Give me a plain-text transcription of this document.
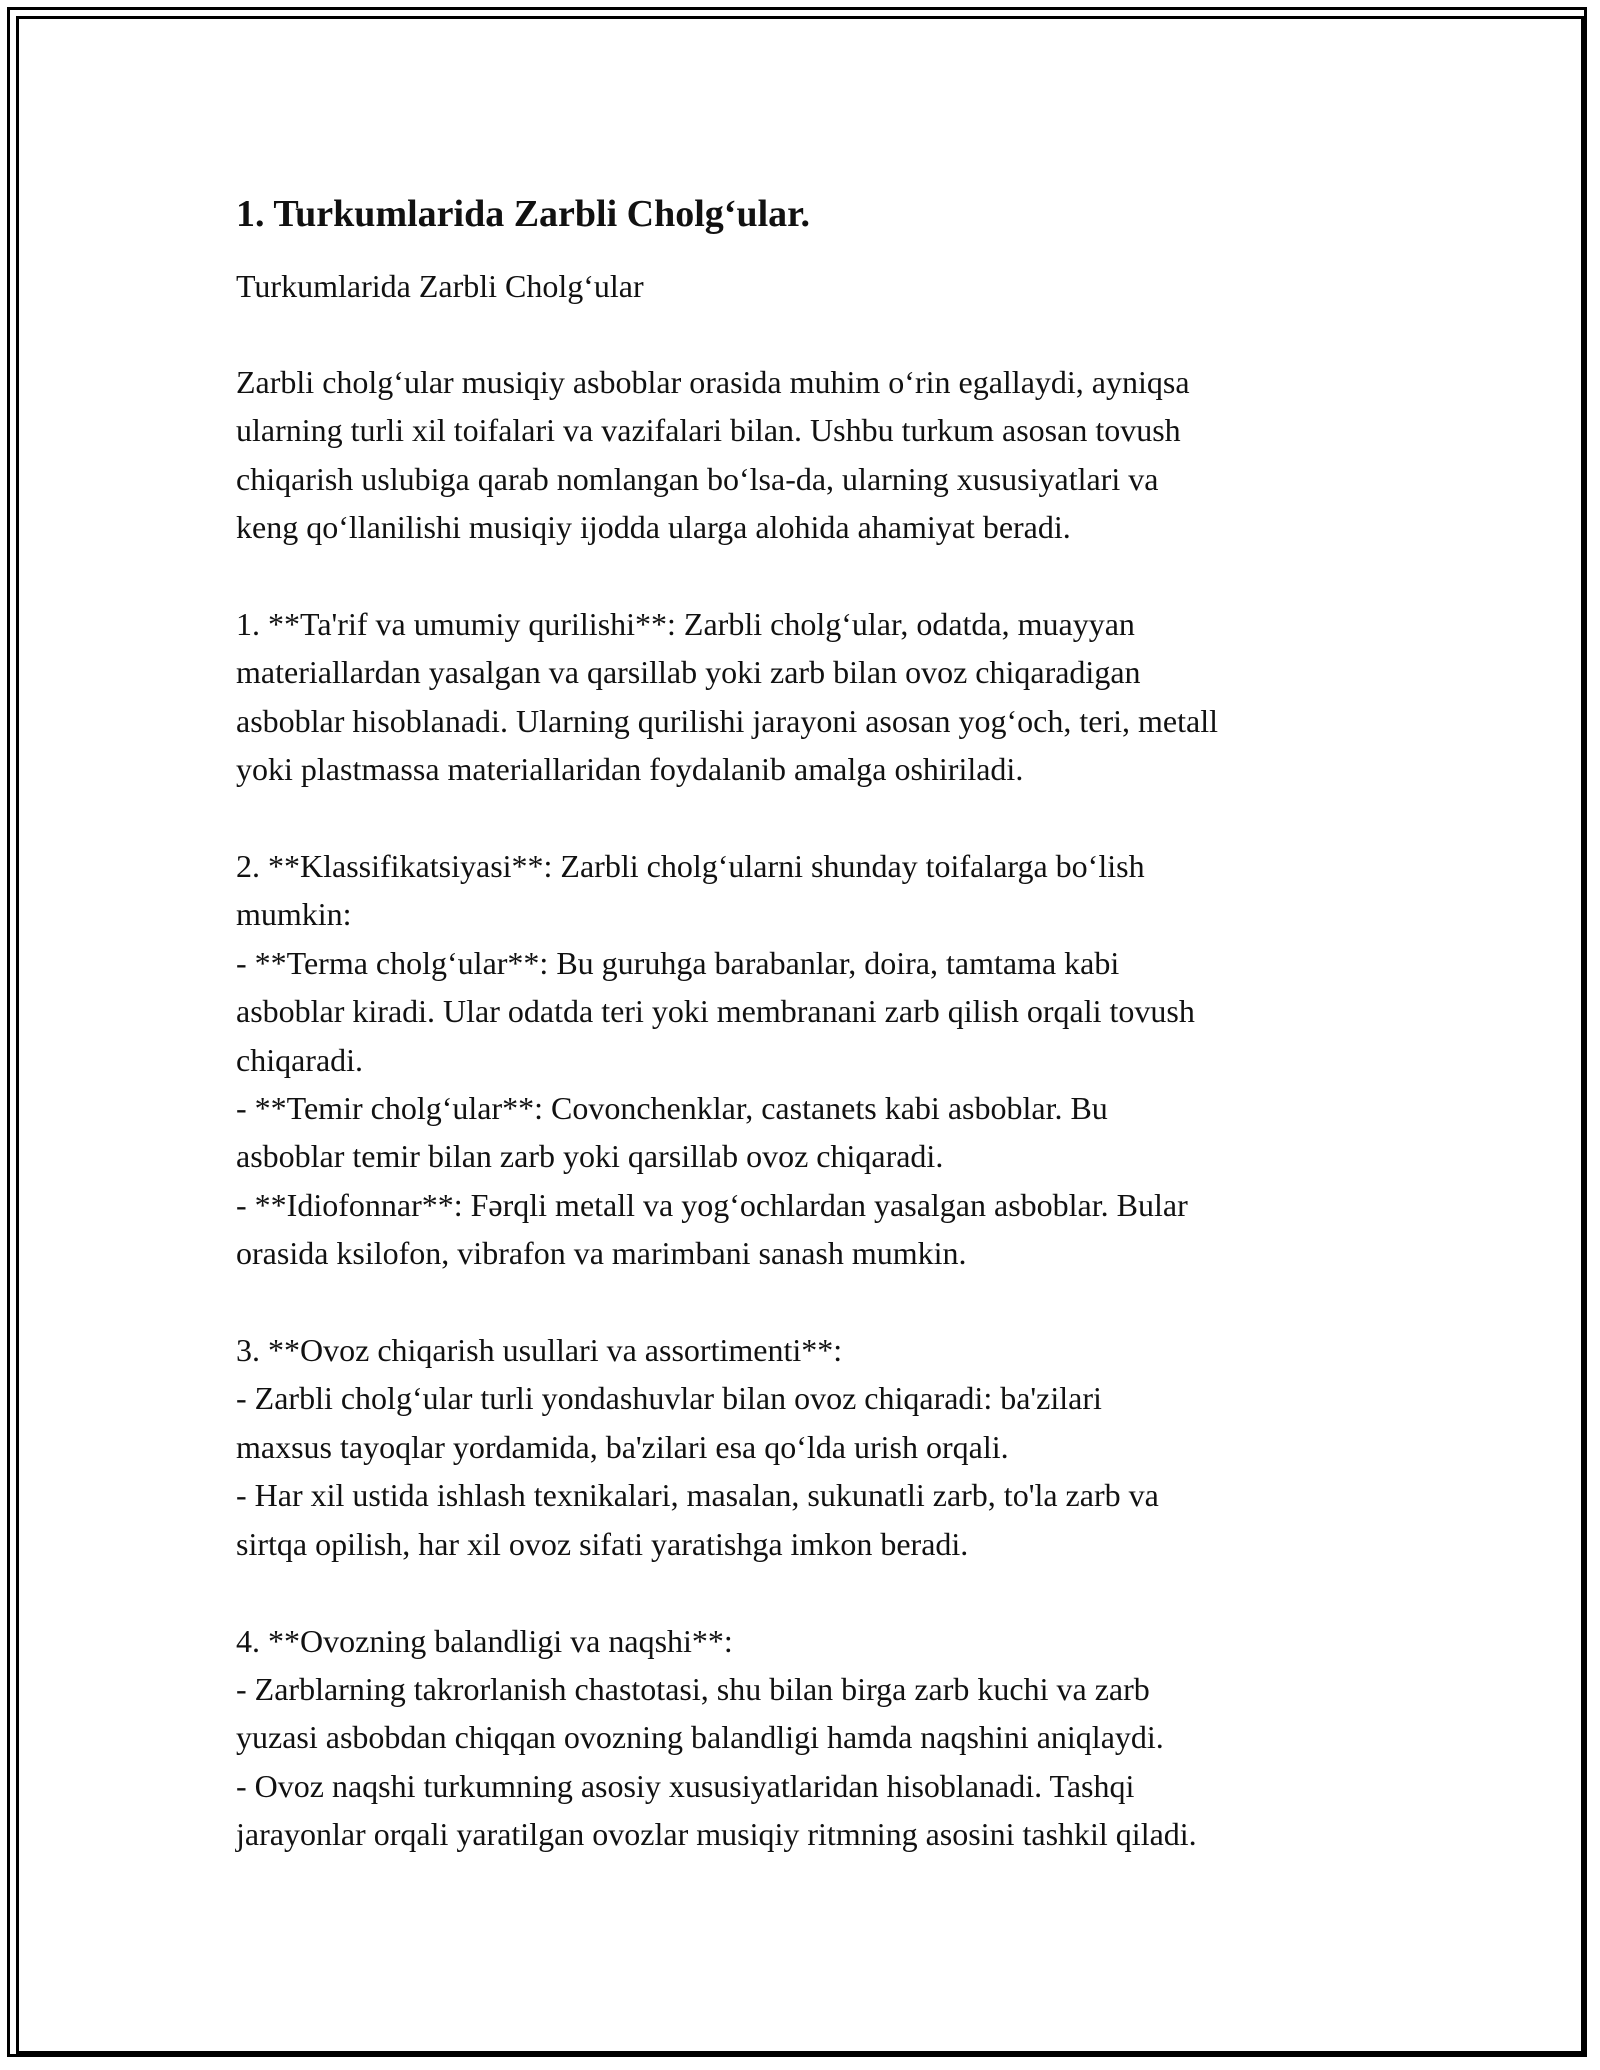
1. Turkumlarida Zarbli Cholg‘ular.
Turkumlarida Zarbli Cholg‘ular
Zarbli cholg‘ular musiqiy asboblar orasida muhim o‘rin egallaydi, ayniqsa
ularning turli xil toifalari va vazifalari bilan. Ushbu turkum asosan tovush
chiqarish uslubiga qarab nomlangan bo‘lsa-da, ularning xususiyatlari va
keng qo‘llanilishi musiqiy ijodda ularga alohida ahamiyat beradi.
1. **Ta'rif va umumiy qurilishi**: Zarbli cholg‘ular, odatda, muayyan
materiallardan yasalgan va qarsillab yoki zarb bilan ovoz chiqaradigan
asboblar hisoblanadi. Ularning qurilishi jarayoni asosan yog‘och, teri, metall
yoki plastmassa materiallaridan foydalanib amalga oshiriladi.
2. **Klassifikatsiyasi**: Zarbli cholg‘ularni shunday toifalarga bo‘lish
mumkin:
- **Terma cholg‘ular**: Bu guruhga barabanlar, doira, tamtama kabi
asboblar kiradi. Ular odatda teri yoki membranani zarb qilish orqali tovush
chiqaradi.
- **Temir cholg‘ular**: Covonchenklar, castanets kabi asboblar. Bu
asboblar temir bilan zarb yoki qarsillab ovoz chiqaradi.
- **Idiofonnar**: Fərqli metall va yog‘ochlardan yasalgan asboblar. Bular
orasida ksilofon, vibrafon va marimbani sanash mumkin.
3. **Ovoz chiqarish usullari va assortimenti**:
- Zarbli cholg‘ular turli yondashuvlar bilan ovoz chiqaradi: ba'zilari
maxsus tayoqlar yordamida, ba'zilari esa qo‘lda urish orqali.
- Har xil ustida ishlash texnikalari, masalan, sukunatli zarb, to'la zarb va
sirtqa opilish, har xil ovoz sifati yaratishga imkon beradi.
4. **Ovozning balandligi va naqshi**:
- Zarblarning takrorlanish chastotasi, shu bilan birga zarb kuchi va zarb
yuzasi asbobdan chiqqan ovozning balandligi hamda naqshini aniqlaydi.
- Ovoz naqshi turkumning asosiy xususiyatlaridan hisoblanadi. Tashqi
jarayonlar orqali yaratilgan ovozlar musiqiy ritmning asosini tashkil qiladi.
